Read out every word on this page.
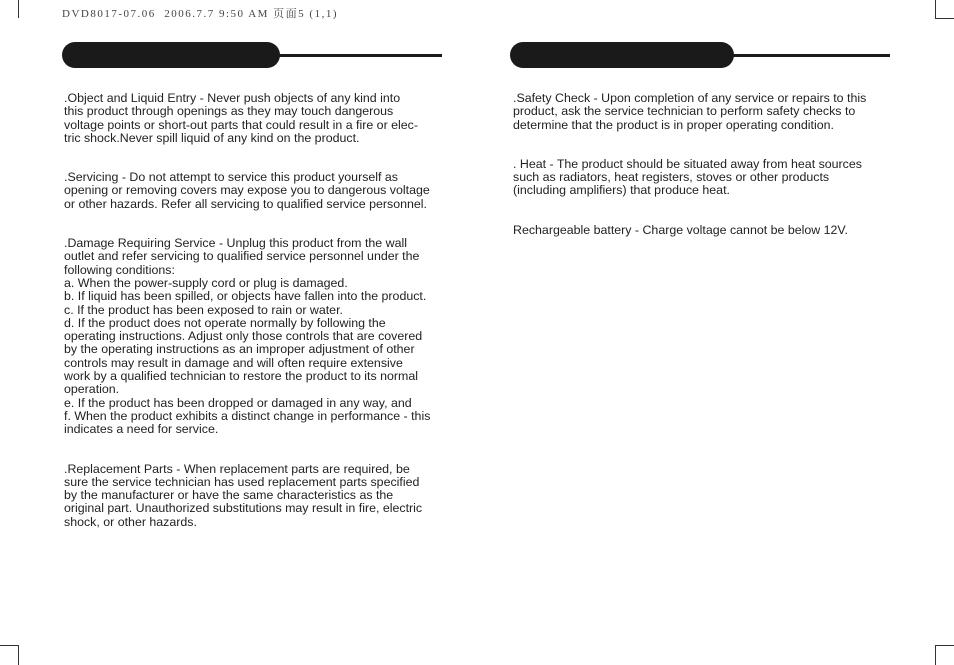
DVD8017-07.06  2006.7.7 9:50 AM 页面5 (1,1)

.Object and Liquid Entry - Never push objects of any kind into
this product through openings as they may touch dangerous
voltage points or short-out parts that could result in a fire or elec-
tric shock.Never spill liquid of any kind on the product.

.Servicing - Do not attempt to service this product yourself as
opening or removing covers may expose you to dangerous voltage
or other hazards. Refer all servicing to qualified service personnel.

.Damage Requiring Service - Unplug this product from the wall
outlet and refer servicing to qualified service personnel under the
following conditions:
a. When the power-supply cord or plug is damaged.
b. If liquid has been spilled, or objects have fallen into the product.
c. If the product has been exposed to rain or water.
d. If the product does not operate normally by following the
operating instructions. Adjust only those controls that are covered
by the operating instructions as an improper adjustment of other
controls may result in damage and will often require extensive
work by a qualified technician to restore the product to its normal
operation.
e. If the product has been dropped or damaged in any way, and
f. When the product exhibits a distinct change in performance - this
indicates a need for service.

.Replacement Parts - When replacement parts are required, be
sure the service technician has used replacement parts specified
by the manufacturer or have the same characteristics as the
original part. Unauthorized substitutions may result in fire, electric
shock, or other hazards.

.Safety Check - Upon completion of any service or repairs to this
product, ask the service technician to perform safety checks to
determine that the product is in proper operating condition.

. Heat - The product should be situated away from heat sources
such as radiators, heat registers, stoves or other products
(including amplifiers) that produce heat.

Rechargeable battery - Charge voltage cannot be below 12V.
